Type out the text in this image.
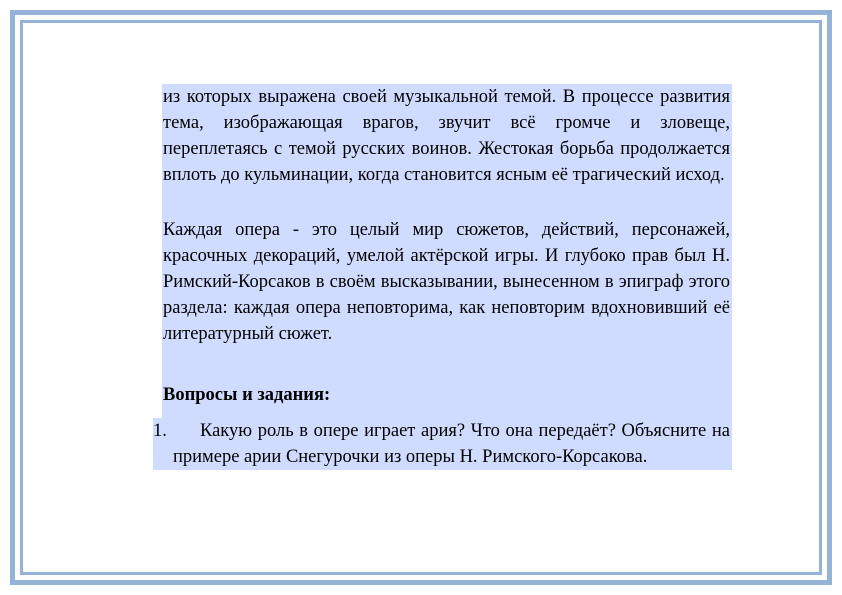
из которых выражена своей музыкальной темой. В процессе развития тема, изображающая врагов, звучит всё громче и зловеще, переплетаясь с темой русских воинов. Жестокая борьба продолжается вплоть до кульминации, когда становится ясным её трагический исход.
Каждая опера - это целый мир сюжетов, действий, персонажей, красочных декораций, умелой актёрской игры. И глубоко прав был Н. Римский-Корсаков в своём высказывании, вынесенном в эпиграф этого раздела: каждая опера неповторима, как неповторим вдохновивший её литературный сюжет.
Вопросы и задания:
1.	Какую роль в опере играет ария? Что она передаёт? Объясните на примере арии Снегурочки из оперы Н. Римского-Корсакова.
